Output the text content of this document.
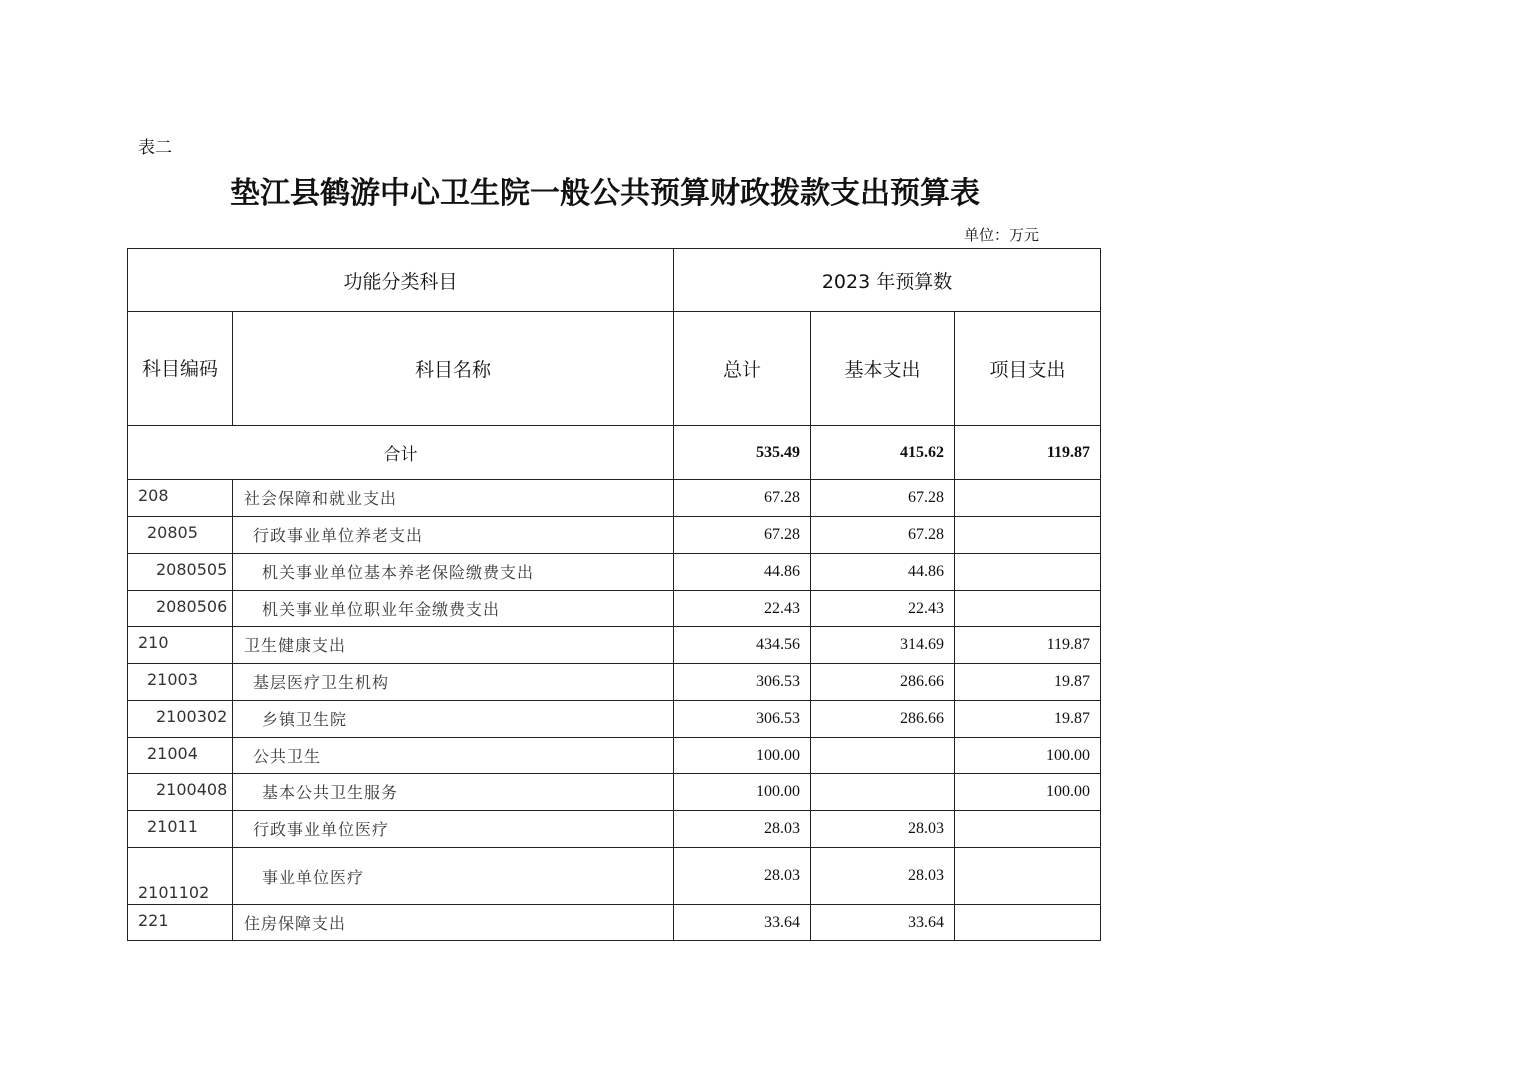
表二
垫江县鹤游中心卫生院一般公共预算财政拨款支出预算表
单位：万元
功能分类科目		2023 年预算数		

科目编码	科目名称	总计	基本支出	项目支出
合计		535.49	415.62	119.87
208	社会保障和就业支出	67.28	67.28	
20805	行政事业单位养老支出	67.28	67.28	
2080505	机关事业单位基本养老保险缴费支出	44.86	44.86	
2080506	机关事业单位职业年金缴费支出	22.43	22.43	
210	卫生健康支出	434.56	314.69	119.87
21003	基层医疗卫生机构	306.53	286.66	19.87
2100302	乡镇卫生院	306.53	286.66	19.87
21004	公共卫生	100.00		100.00
2100408	基本公共卫生服务	100.00		100.00
21011	行政事业单位医疗	28.03	28.03	
2101102	事业单位医疗	28.03	28.03	
221	住房保障支出	33.64	33.64	
